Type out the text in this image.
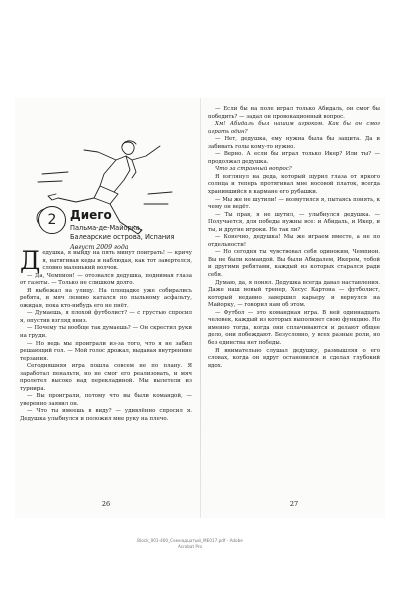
2	Диего
Пальма-де-Майорка, Балеарские острова, Испания
Август 2009 года

Дедушка, я выйду на пять минут поиграть! — кричу я, натягивая кеды и наблюдая, как тот завертелся, словно маленький волчок.

— Да, Чемпион! — отозвался дедушка, поднимая глаза от газеты. — Только не слишком долго.

Я выбежал на улицу. На площадке уже собирались ребята, и мяч лениво катался по пыльному асфальту, ожидая, пока кто-нибудь его не пнёт.

— Думаешь, я плохой футболист? — с грустью спросил я, опустив взгляд вниз.

— Почему ты вообще так думаешь? — Он скрестил руки на груди.

— Но ведь мы проиграли из-за того, что я не забил решающий гол. — Мой голос дрожал, выдавая внутренние терзания.

Сегодняшняя игра пошла совсем не по плану. Я заработал пенальти, но не смог его реализовать, и мяч пролетел высоко над перекладиной. Мы вылетели из турнира.

— Вы проиграли, потому что вы были командой, — уверенно заявил он.

— Что ты имеешь в виду? — удивлённо спросил я. Дедушка улыбнулся и положил мне руку на плечо.

26

— Если бы на поле играл только Абидаль, он смог бы победить? — задал он провокационный вопрос.

Хм! Абидаль был нашим игроком. Как бы он смог играть один?

— Нет, дедушка, ему нужна была бы защита. Да и забивать голы кому-то нужно.

— Верно. А если бы играл только Икер? Или ты? — продолжал дедушка.

Что за странный вопрос?

Я взглянул на деда, который щурил глаза от яркого солнца и теперь протягивал мне носовой платок, всегда хранившийся в кармане его рубашки.

— Мы же не шутили! — возмутился я, пытаясь понять, к чему он ведёт.

— Ты прав, я не шутил, — улыбнулся дедушка. — Получается, для победы нужны все: и Абидаль, и Икер, и ты, и другие игроки. Не так ли?

— Конечно, дедушка! Мы же играем вместе, а не по отдельности!

— Но сегодня ты чувствовал себя одиноким, Чемпион. Вы не были командой. Вы были Абидалем, Икером, тобой и другими ребятами, каждый из которых старался ради себя.

Думаю, да, я понял. Дедушка всегда давал наставления. Даже наш новый тренер, Хесус Картона — футболист, который недавно завершил карьеру и вернулся на Майорку, — говорил нам об этом.

— Футбол — это командная игра. В ней одиннадцать человек, каждый из которых выполняет свою функцию. Но именно тогда, когда они сплачиваются и делают общее дело, они побеждают. Безусловно, у всех разные роли, но без единства нет победы.

Я внимательно слушал дедушку, размышляя о его словах, когда он вдруг остановился и сделал глубокий вдох.

27
Block_001-400_Семнадцатый_МЕ017.pdf - Adobe
Acrobat Pro
